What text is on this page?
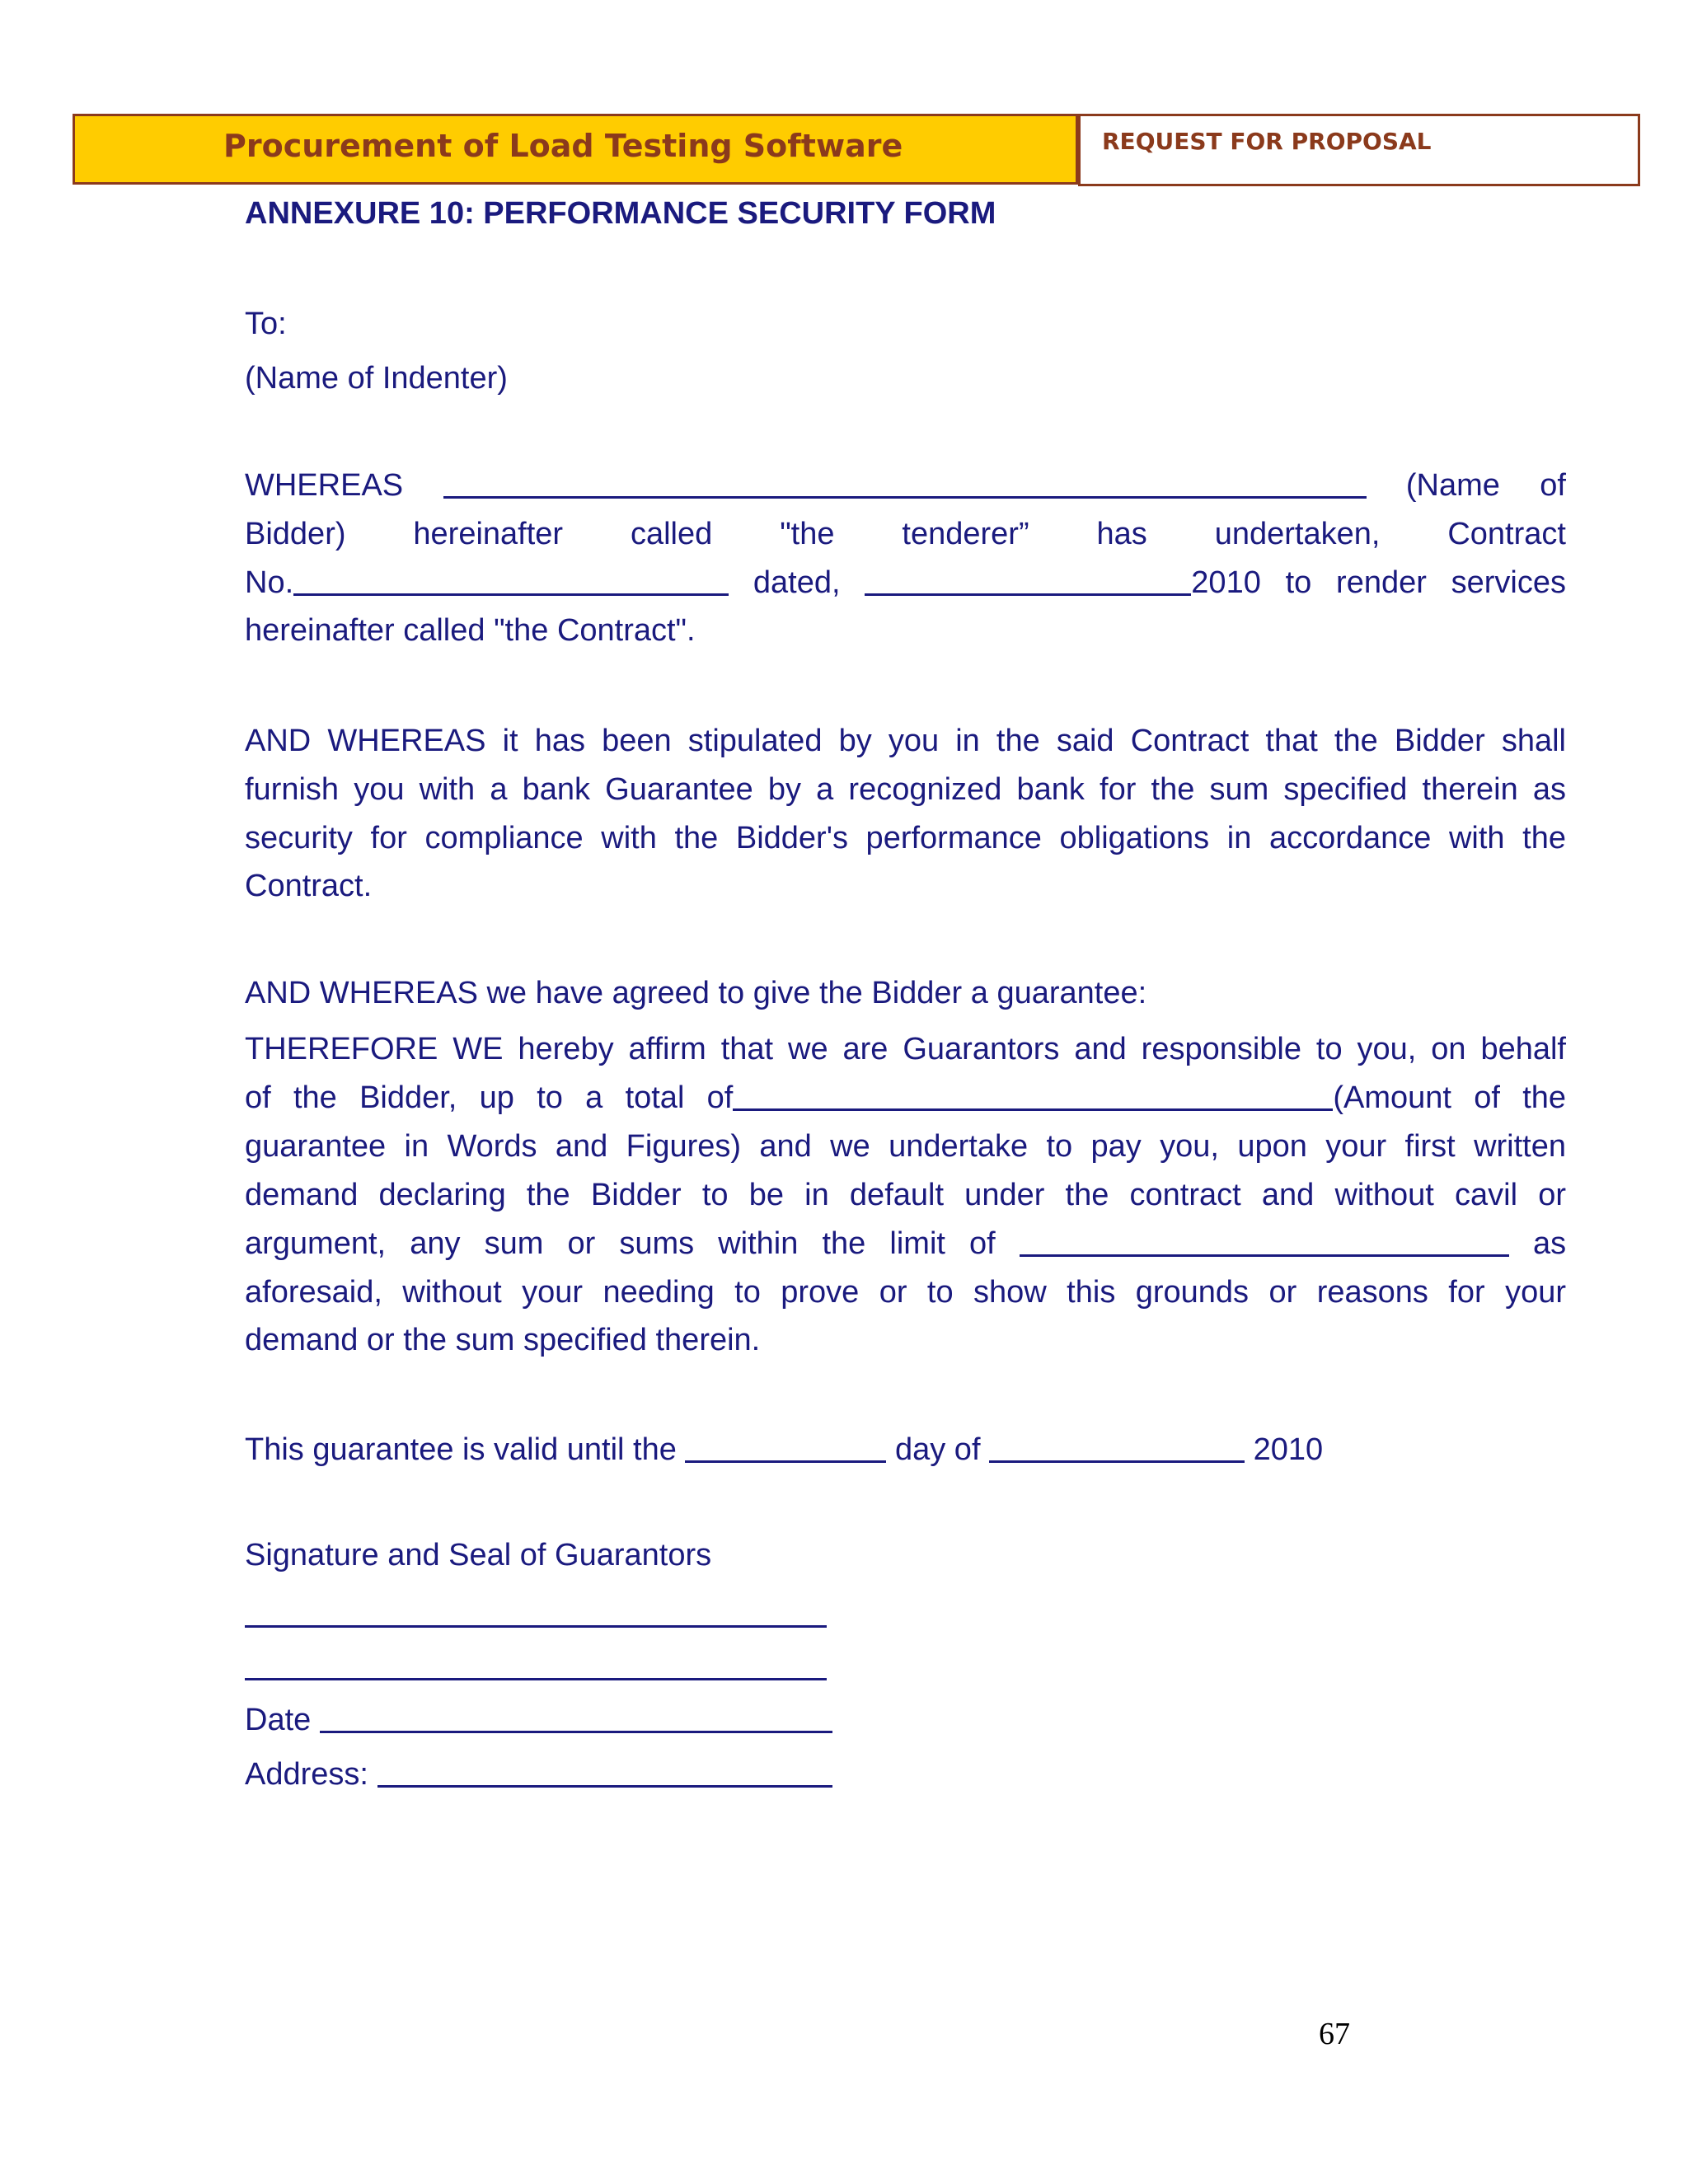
Procurement of Load Testing Software	REQUEST FOR PROPOSAL
ANNEXURE 10: PERFORMANCE SECURITY FORM
To:
(Name of Indenter)
WHEREAS	(Name of
Bidder) hereinafter called "the tenderer” has undertaken, Contract
No.	dated,	2010 to render services
hereinafter called "the Contract".
AND WHEREAS it has been stipulated by you in the said Contract that the Bidder shall
furnish you with a bank Guarantee by a recognized bank for the sum specified therein as
security for compliance with the Bidder's performance obligations in accordance with the
Contract.
AND WHEREAS we have agreed to give the Bidder a guarantee:
THEREFORE WE hereby affirm that we are Guarantors and responsible to you, on behalf
of the Bidder, up to a total of	(Amount of the
guarantee in Words and Figures) and we undertake to pay you, upon your first written
demand declaring the Bidder to be in default under the contract and without cavil or
argument, any sum or sums within the limit of	as
aforesaid, without your needing to prove or to show this grounds or reasons for your
demand or the sum specified therein.
This guarantee is valid until the	day of	2010
Signature and Seal of Guarantors
Date
Address:
67
